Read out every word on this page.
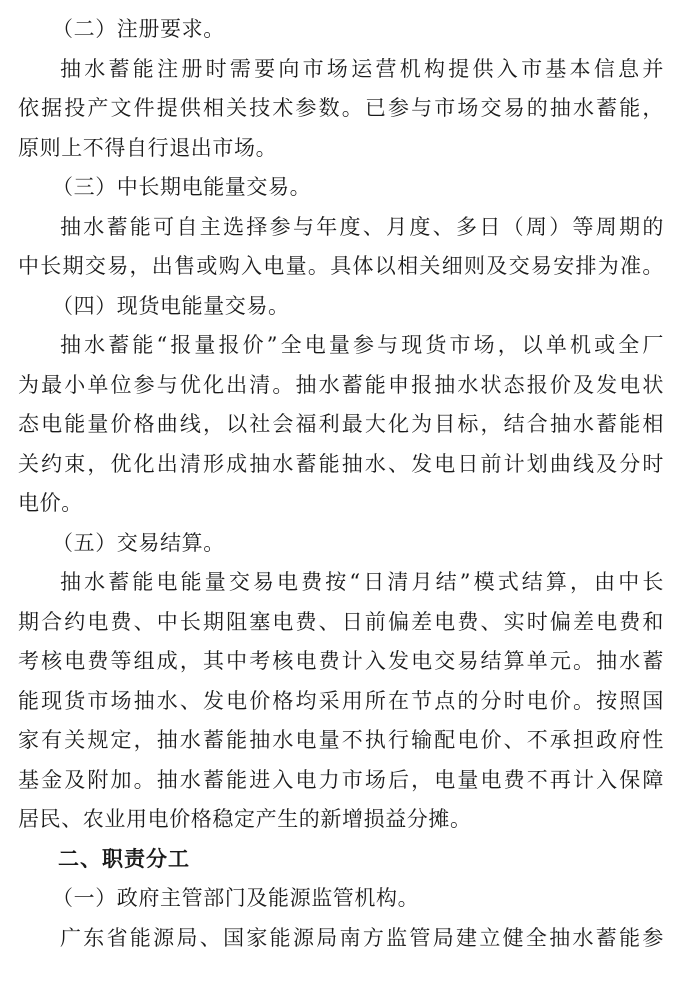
（二）注册要求。
抽水蓄能注册时需要向市场运营机构提供入市基本信息并
依据投产文件提供相关技术参数。已参与市场交易的抽水蓄能，
原则上不得自行退出市场。
（三）中长期电能量交易。
抽水蓄能可自主选择参与年度、月度、多日（周）等周期的
中长期交易，出售或购入电量。具体以相关细则及交易安排为准。
（四）现货电能量交易。
抽水蓄能“报量报价”全电量参与现货市场，以单机或全厂
为最小单位参与优化出清。抽水蓄能申报抽水状态报价及发电状
态电能量价格曲线，以社会福利最大化为目标，结合抽水蓄能相
关约束，优化出清形成抽水蓄能抽水、发电日前计划曲线及分时
电价。
（五）交易结算。
抽水蓄能电能量交易电费按“日清月结”模式结算，由中长
期合约电费、中长期阻塞电费、日前偏差电费、实时偏差电费和
考核电费等组成，其中考核电费计入发电交易结算单元。抽水蓄
能现货市场抽水、发电价格均采用所在节点的分时电价。按照国
家有关规定，抽水蓄能抽水电量不执行输配电价、不承担政府性
基金及附加。抽水蓄能进入电力市场后，电量电费不再计入保障
居民、农业用电价格稳定产生的新增损益分摊。
二、职责分工
（一）政府主管部门及能源监管机构。
广东省能源局、国家能源局南方监管局建立健全抽水蓄能参
